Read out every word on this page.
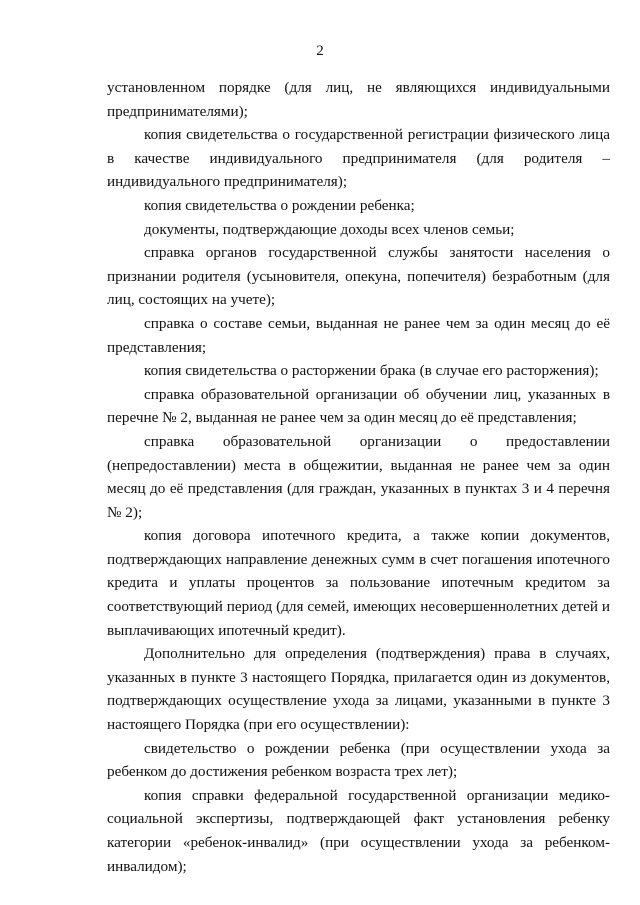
2

установленном порядке (для лиц, не являющихся индивидуальными предпринимателями);

копия свидетельства о государственной регистрации физического лица в качестве индивидуального предпринимателя (для родителя – индивидуального предпринимателя);

копия свидетельства о рождении ребенка;

документы, подтверждающие доходы всех членов семьи;

справка органов государственной службы занятости населения о признании родителя (усыновителя, опекуна, попечителя) безработным (для лиц, состоящих на учете);

справка о составе семьи, выданная не ранее чем за один месяц до её представления;

копия свидетельства о расторжении брака (в случае его расторжения);

справка образовательной организации об обучении лиц, указанных в перечне № 2, выданная не ранее чем за один месяц до её представления;

справка образовательной организации о предоставлении (непредоставлении) места в общежитии, выданная не ранее чем за один месяц до её представления (для граждан, указанных в пунктах 3 и 4 перечня № 2);

копия договора ипотечного кредита, а также копии документов, подтверждающих направление денежных сумм в счет погашения ипотечного кредита и уплаты процентов за пользование ипотечным кредитом за соответствующий период (для семей, имеющих несовершеннолетних детей и выплачивающих ипотечный кредит).

Дополнительно для определения (подтверждения) права в случаях, указанных в пункте 3 настоящего Порядка, прилагается один из документов, подтверждающих осуществление ухода за лицами, указанными в пункте 3 настоящего Порядка (при его осуществлении):

свидетельство о рождении ребенка (при осуществлении ухода за ребенком до достижения ребенком возраста трех лет);

копия справки федеральной государственной организации медико-социальной экспертизы, подтверждающей факт установления ребенку категории «ребенок-инвалид» (при осуществлении ухода за ребенком-инвалидом);
